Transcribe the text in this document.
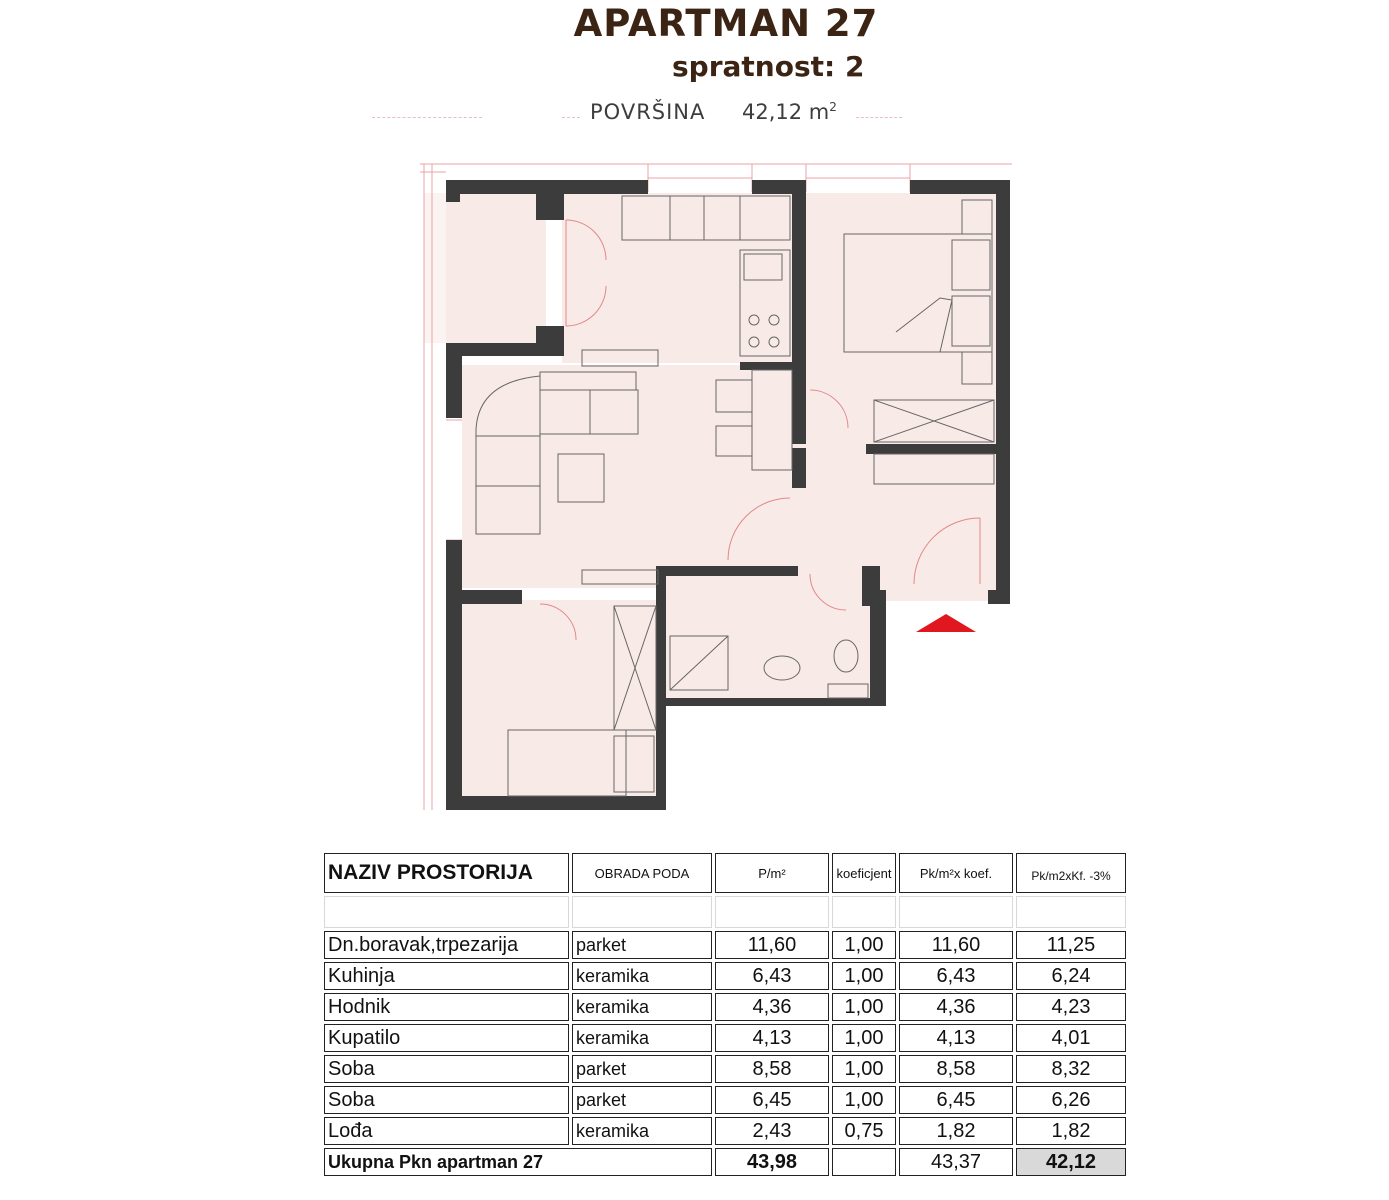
APARTMAN 27
spratnost: 2
POVRŠINA 42,12 $m^2$
NAZIV PROSTORIJA	OBRADA PODA	P/m²	koeficjent	Pk/m²x koef.	Pk/m2xKf. -3%

Dn.boravak,trpezarija	parket	11,60	1,00	11,60	11,25
Kuhinja	keramika	6,43	1,00	6,43	6,24
Hodnik	keramika	4,36	1,00	4,36	4,23
Kupatilo	keramika	4,13	1,00	4,13	4,01
Soba	parket	8,58	1,00	8,58	8,32
Soba	parket	6,45	1,00	6,45	6,26
Lođa	keramika	2,43	0,75	1,82	1,82
Ukupna Pkn apartman 27		43,98		43,37	42,12
